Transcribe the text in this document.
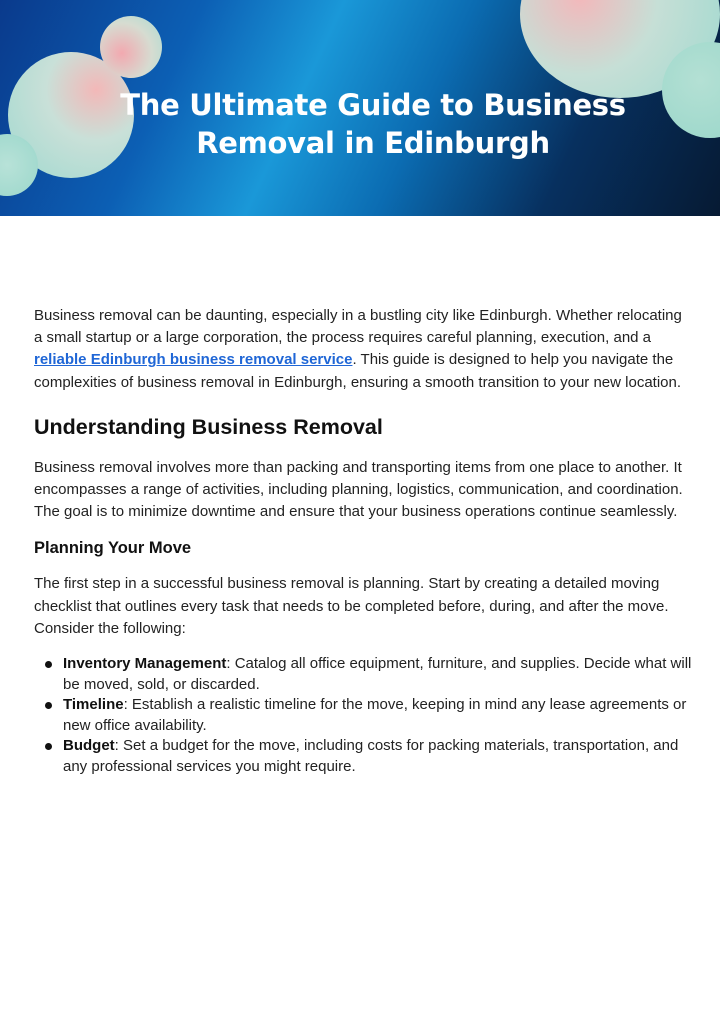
The Ultimate Guide to Business Removal in Edinburgh

Business removal can be daunting, especially in a bustling city like Edinburgh. Whether relocating a small startup or a large corporation, the process requires careful planning, execution, and a reliable Edinburgh business removal service. This guide is designed to help you navigate the complexities of business removal in Edinburgh, ensuring a smooth transition to your new location.

Understanding Business Removal

Business removal involves more than packing and transporting items from one place to another. It encompasses a range of activities, including planning, logistics, communication, and coordination. The goal is to minimize downtime and ensure that your business operations continue seamlessly.

Planning Your Move

The first step in a successful business removal is planning. Start by creating a detailed moving checklist that outlines every task that needs to be completed before, during, and after the move. Consider the following:

Inventory Management: Catalog all office equipment, furniture, and supplies. Decide what will be moved, sold, or discarded.
Timeline: Establish a realistic timeline for the move, keeping in mind any lease agreements or new office availability.
Budget: Set a budget for the move, including costs for packing materials, transportation, and any professional services you might require.
